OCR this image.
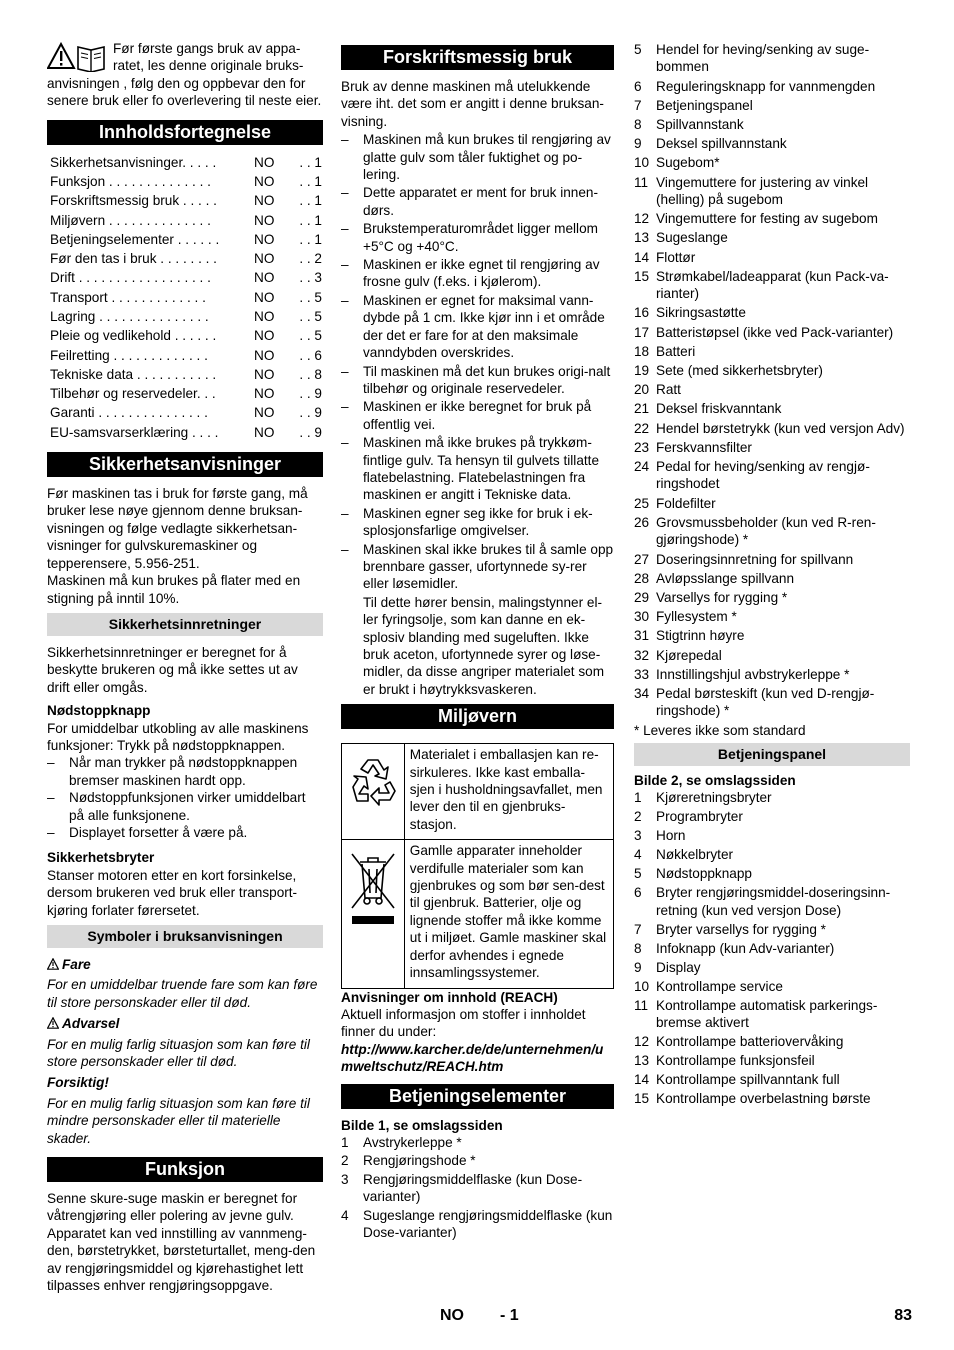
Før første gangs bruk av appa-ratet, les denne originale bruks-anvisningen , følg den og oppbevar den for senere bruk eller fo overlevering til neste eier.

Innholdsfortegnelse
Sikkerhetsanvisninger. . . . .	NO	. . 1
Funksjon . . . . . . . . . . . . . .	NO	. . 1
Forskriftsmessig bruk . . . . .	NO	. . 1
Miljøvern . . . . . . . . . . . . . .	NO	. . 1
Betjeningselementer . . . . . .	NO	. . 1
Før den tas i bruk . . . . . . . .	NO	. . 2
Drift . . . . . . . . . . . . . . . . . .	NO	. . 3
Transport . . . . . . . . . . . . .	NO	. . 5
Lagring . . . . . . . . . . . . . . .	NO	. . 5
Pleie og vedlikehold . . . . . .	NO	. . 5
Feilretting . . . . . . . . . . . . .	NO	. . 6
Tekniske data . . . . . . . . . . .	NO	. . 8
Tilbehør og reservedeler. . .	NO	. . 9
Garanti . . . . . . . . . . . . . . .	NO	. . 9
EU-samsvarserklæring . . . .	NO	. . 9
Sikkerhetsanvisninger

Før maskinen tas i bruk for første gang, må bruker lese nøye gjennom denne bruksan-visningen og følge vedlagte sikkerhetsan-visninger for gulvskuremaskiner og tepperensere, 5.956-251.

Maskinen må kun brukes på flater med en stigning på inntil 10%.

Sikkerhetsinnretninger

Sikkerhetsinnretninger er beregnet for å beskytte brukeren og må ikke settes ut av drift eller omgås.

Nødstoppknapp

For umiddelbar utkobling av alle maskinens funksjoner: Trykk på nødstoppknappen.

– Når man trykker på nødstoppknappen bremser maskinen hardt opp.

– Nødstoppfunksjonen virker umiddelbart på alle funksjonene.

– Displayet forsetter å være på.

Sikkerhetsbryter

Stanser motoren etter en kort forsinkelse, dersom brukeren ved bruk eller transport-kjøring forlater førersetet.

Symboler i bruksanvisningen

Fare

For en umiddelbar truende fare som kan føre til store personskader eller til død.

Advarsel

For en mulig farlig situasjon som kan føre til store personskader eller til død.

Forsiktig!

For en mulig farlig situasjon som kan føre til mindre personskader eller til materielle skader.

Funksjon

Senne skure-suge maskin er beregnet for våtrengjøring eller polering av jevne gulv. Apparatet kan ved innstilling av vannmeng-den, børstetrykket, børsteturtallet, meng-den av rengjøringsmiddel og kjørehastighet lett tilpasses enhver rengjøringsoppgave.

Forskriftsmessig bruk

Bruk av denne maskinen må utelukkende være iht. det som er angitt i denne bruksan-visning.

– Maskinen må kun brukes til rengjøring av glatte gulv som tåler fuktighet og po-lering.

– Dette apparatet er ment for bruk innen-dørs.

– Brukstemperaturområdet ligger mellom +5°C og +40°C.

– Maskinen er ikke egnet til rengjøring av frosne gulv (f.eks. i kjølerom).

– Maskinen er egnet for maksimal vann-dybde på 1 cm. Ikke kjør inn i et område der det er fare for at den maksimale vanndybden overskrides.

– Til maskinen må det kun brukes origi-nalt tilbehør og originale reservedeler.

– Maskinen er ikke beregnet for bruk på offentlig vei.

– Maskinen må ikke brukes på trykkøm-fintlige gulv. Ta hensyn til gulvets tillatte flatebelastning. Flatebelastningen fra maskinen er angitt i Tekniske data.

– Maskinen egner seg ikke for bruk i ek-splosjonsfarlige omgivelser.

– Maskinen skal ikke brukes til å samle opp brennbare gasser, ufortynnede sy-rer eller løsemidler.

Til dette hører bensin, malingstynner el-ler fyringsolje, som kan danne en ek-splosiv blanding med sugeluften. Ikke bruk aceton, ufortynnede syrer og løse-midler, da disse angriper materialet som er brukt i høytrykksvaskeren.

Miljøvern
Materialet i emballasjen kan re-sirkuleres. Ikke kast emballa-sjen i husholdningsavfallet, men lever den til en gjenbruks-stasjon.
Gamlle apparater inneholder verdifulle materialer som kan gjenbrukes og som bør sen-dest til gjenbruk. Batterier, olje og lignende stoffer må ikke komme ut i miljøet. Gamle maskiner skal derfor avhendes i egnede innsamlingssystemer.

Anvisninger om innhold (REACH)

Aktuell informasjon om stoffer i innholdet finner du under:

http://www.karcher.de/de/unternehmen/umweltschutz/REACH.htm

Betjeningselementer

Bilde 1, se omslagssiden

1 Avstrykerleppe *
2 Rengjøringshode *
3 Rengjøringsmiddelflaske (kun Dose-varianter)
4 Sugeslange rengjøringsmiddelflaske (kun Dose-varianter)
5 Hendel for heving/senking av suge-bommen
6 Reguleringsknapp for vannmengden
7 Betjeningspanel
8 Spillvannstank
9 Deksel spillvannstank
10 Sugebom*
11 Vingemuttere for justering av vinkel (helling) på sugebom
12 Vingemuttere for festing av sugebom
13 Sugeslange
14 Flottør
15 Strømkabel/ladeapparat (kun Pack-va-rianter)
16 Sikringsastøtte
17 Batteristøpsel (ikke ved Pack-varianter)
18 Batteri
19 Sete (med sikkerhetsbryter)
20 Ratt
21 Deksel friskvanntank
22 Hendel børstetrykk (kun ved versjon Adv)
23 Ferskvannsfilter
24 Pedal for heving/senking av rengjø-ringshodet
25 Foldefilter
26 Grovsmussbeholder (kun ved R-ren-gjøringshode) *
27 Doseringsinnretning for spillvann
28 Avløpsslange spillvann
29 Varsellys for rygging *
30 Fyllesystem *
31 Stigtrinn høyre
32 Kjørepedal
33 Innstillingshjul avbstrykerleppe *
34 Pedal børsteskift (kun ved D-rengjø-ringshode) *

* Leveres ikke som standard

Betjeningspanel

Bilde 2, se omslagssiden

1 Kjøreretningsbryter
2 Programbryter
3 Horn
4 Nøkkelbryter
5 Nødstoppknapp
6 Bryter rengjøringsmiddel-doseringsinn-retning (kun ved versjon Dose)
7 Bryter varsellys for rygging *
8 Infoknapp (kun Adv-varianter)
9 Display
10 Kontrollampe service
11 Kontrollampe automatisk parkerings-bremse aktivert
12 Kontrollampe batteriovervåking
13 Kontrollampe funksjonsfeil
14 Kontrollampe spillvanntank full
15 Kontrollampe overbelastning børste
NO - 1	83
